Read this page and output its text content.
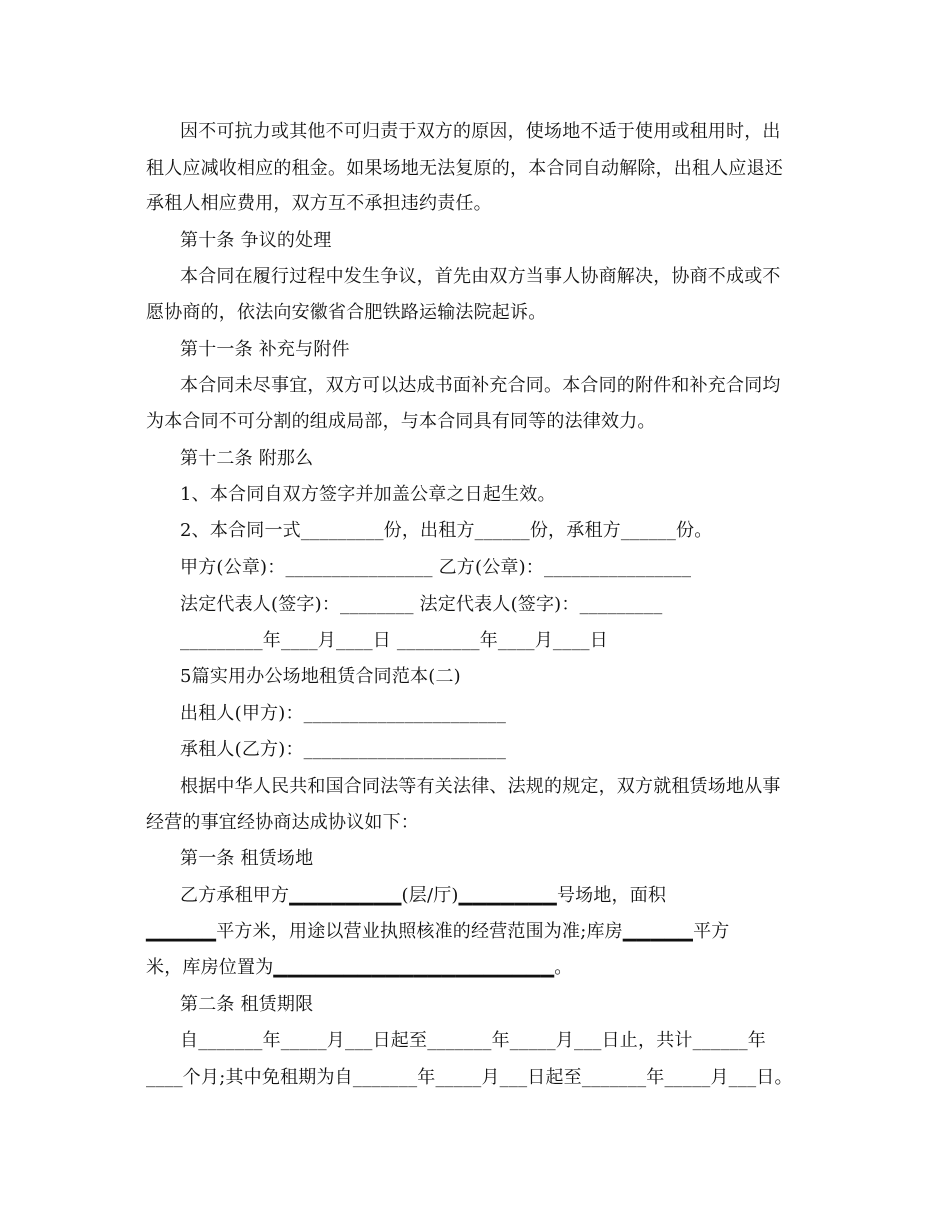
因不可抗力或其他不可归责于双方的原因，使场地不适于使用或租用时，出

租人应减收相应的租金。如果场地无法复原的，本合同自动解除，出租人应退还

承租人相应费用，双方互不承担违约责任。

第十条 争议的处理

本合同在履行过程中发生争议，首先由双方当事人协商解决，协商不成或不

愿协商的，依法向安徽省合肥铁路运输法院起诉。

第十一条 补充与附件

本合同未尽事宜，双方可以达成书面补充合同。本合同的附件和补充合同均

为本合同不可分割的组成局部，与本合同具有同等的法律效力。

第十二条 附那么

1、本合同自双方签字并加盖公章之日起生效。

2、本合同一式_________份，出租方______份，承租方______份。

甲方(公章)：________________ 乙方(公章)：________________

法定代表人(签字)：________ 法定代表人(签字)：_________

_________年____月____日 _________年____月____日

5篇实用办公场地租赁合同范本(二)

出租人(甲方)：______________________

承租人(乙方)：______________________

根据中华人民共和国合同法等有关法律、法规的规定，双方就租赁场地从事

经营的事宜经协商达成协议如下：

第一条 租赁场地

乙方承租甲方▁▁▁▁▁▁▁▁(层/厅)▁▁▁▁▁▁▁号场地，面积

▁▁▁▁▁平方米，用途以营业执照核准的经营范围为准;库房▁▁▁▁▁平方

米，库房位置为▁▁▁▁▁▁▁▁▁▁▁▁▁▁▁▁▁▁▁▁。

第二条 租赁期限

自_______年_____月___日起至_______年_____月___日止，共计______年

____个月;其中免租期为自_______年_____月___日起至_______年_____月___日。
